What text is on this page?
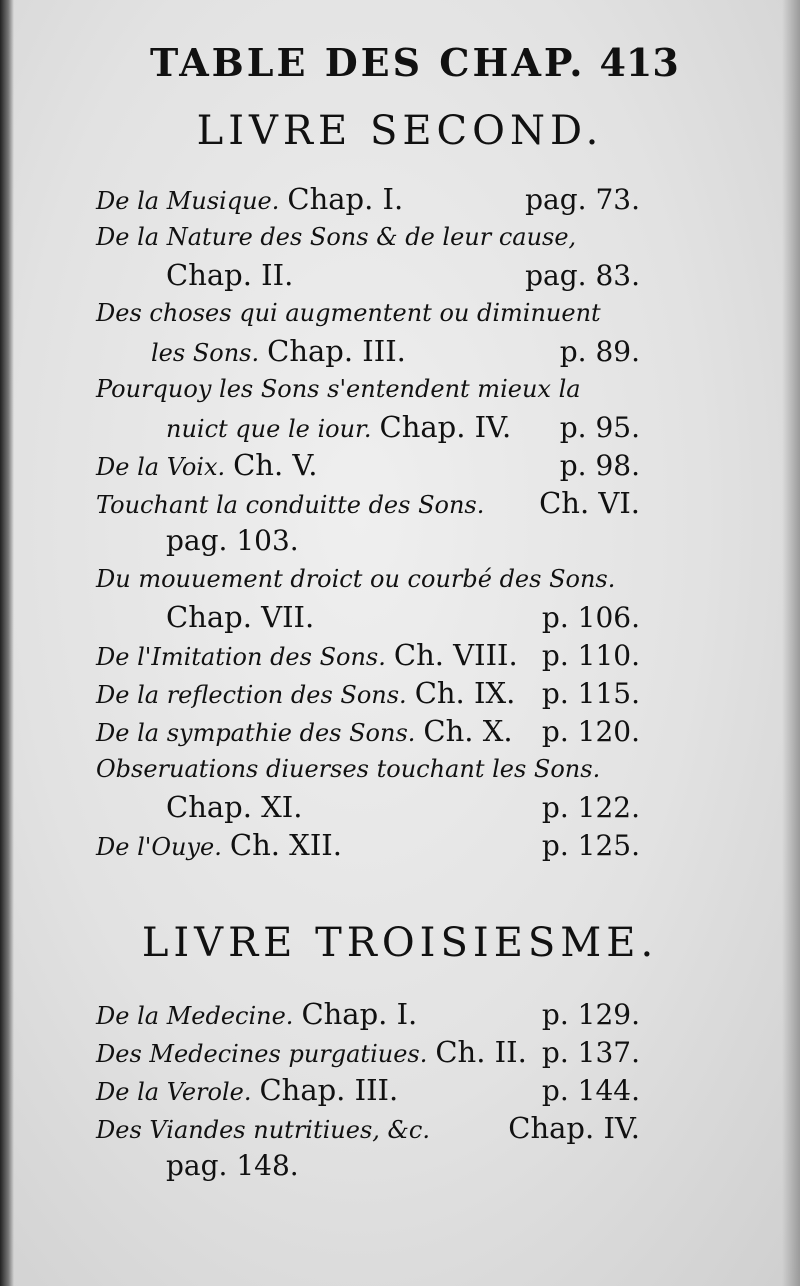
TABLE DES CHAP. 413
LIVRE SECOND.
De la Musique. Chap. I.	pag. 73.
De la Nature des Sons & de leur cause,
Chap. II.	pag. 83.
Des choses qui augmentent ou diminuent
les Sons. Chap. III.	p. 89.
Pourquoy les Sons s'entendent mieux la
nuict que le iour. Chap. IV. p. 95.
De la Voix. Ch. V.	p. 98.
Touchant la conduitte des Sons. Ch. VI.
pag. 103.
Du mouuement droict ou courbé des Sons.
Chap. VII.	p. 106.
De l'Imitation des Sons. Ch. VIII. p. 110.
De la reflection des Sons. Ch. IX. p. 115.
De la sympathie des Sons. Ch. X. p. 120.
Obseruations diuerses touchant les Sons.
Chap. XI.	p. 122.
De l'Ouye. Ch. XII.	p. 125.
LIVRE TROISIESME.
De la Medecine. Chap. I.	p. 129.
Des Medecines purgatiues. Ch. II. p. 137.
De la Verole. Chap. III.	p. 144.
Des Viandes nutritiues, &c.	Chap. IV.
pag. 148.
